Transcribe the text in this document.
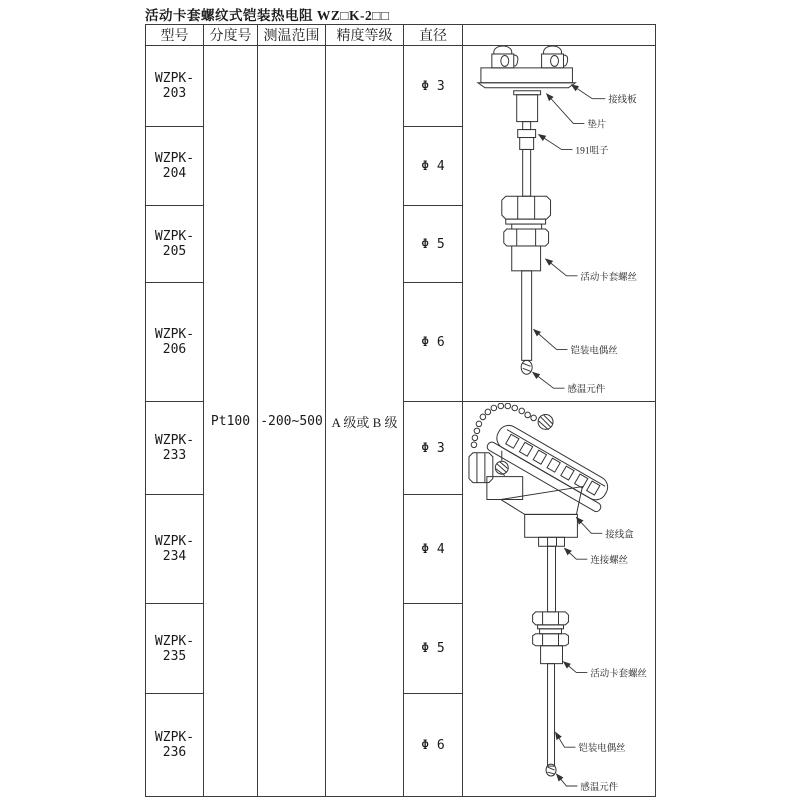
活动卡套螺纹式铠装热电阻 WZ□K-2□□
型号	分度号	测温范围	精度等级	直径	
WZPK-203	Pt100	-200~500	A 级或 B 级	Φ 3	
接线板
垫片
191咀子
活动卡套螺丝
铠装电偶丝
感温元件

WZPK-204				Φ 4	
WZPK-205				Φ 5	
WZPK-206				Φ 6	
WZPK-233				Φ 3	接线盒
连接螺丝
活动卡套螺丝
铠装电偶丝
感温元件

WZPK-234				Φ 4	
WZPK-235				Φ 5	
WZPK-236				Φ 6	
